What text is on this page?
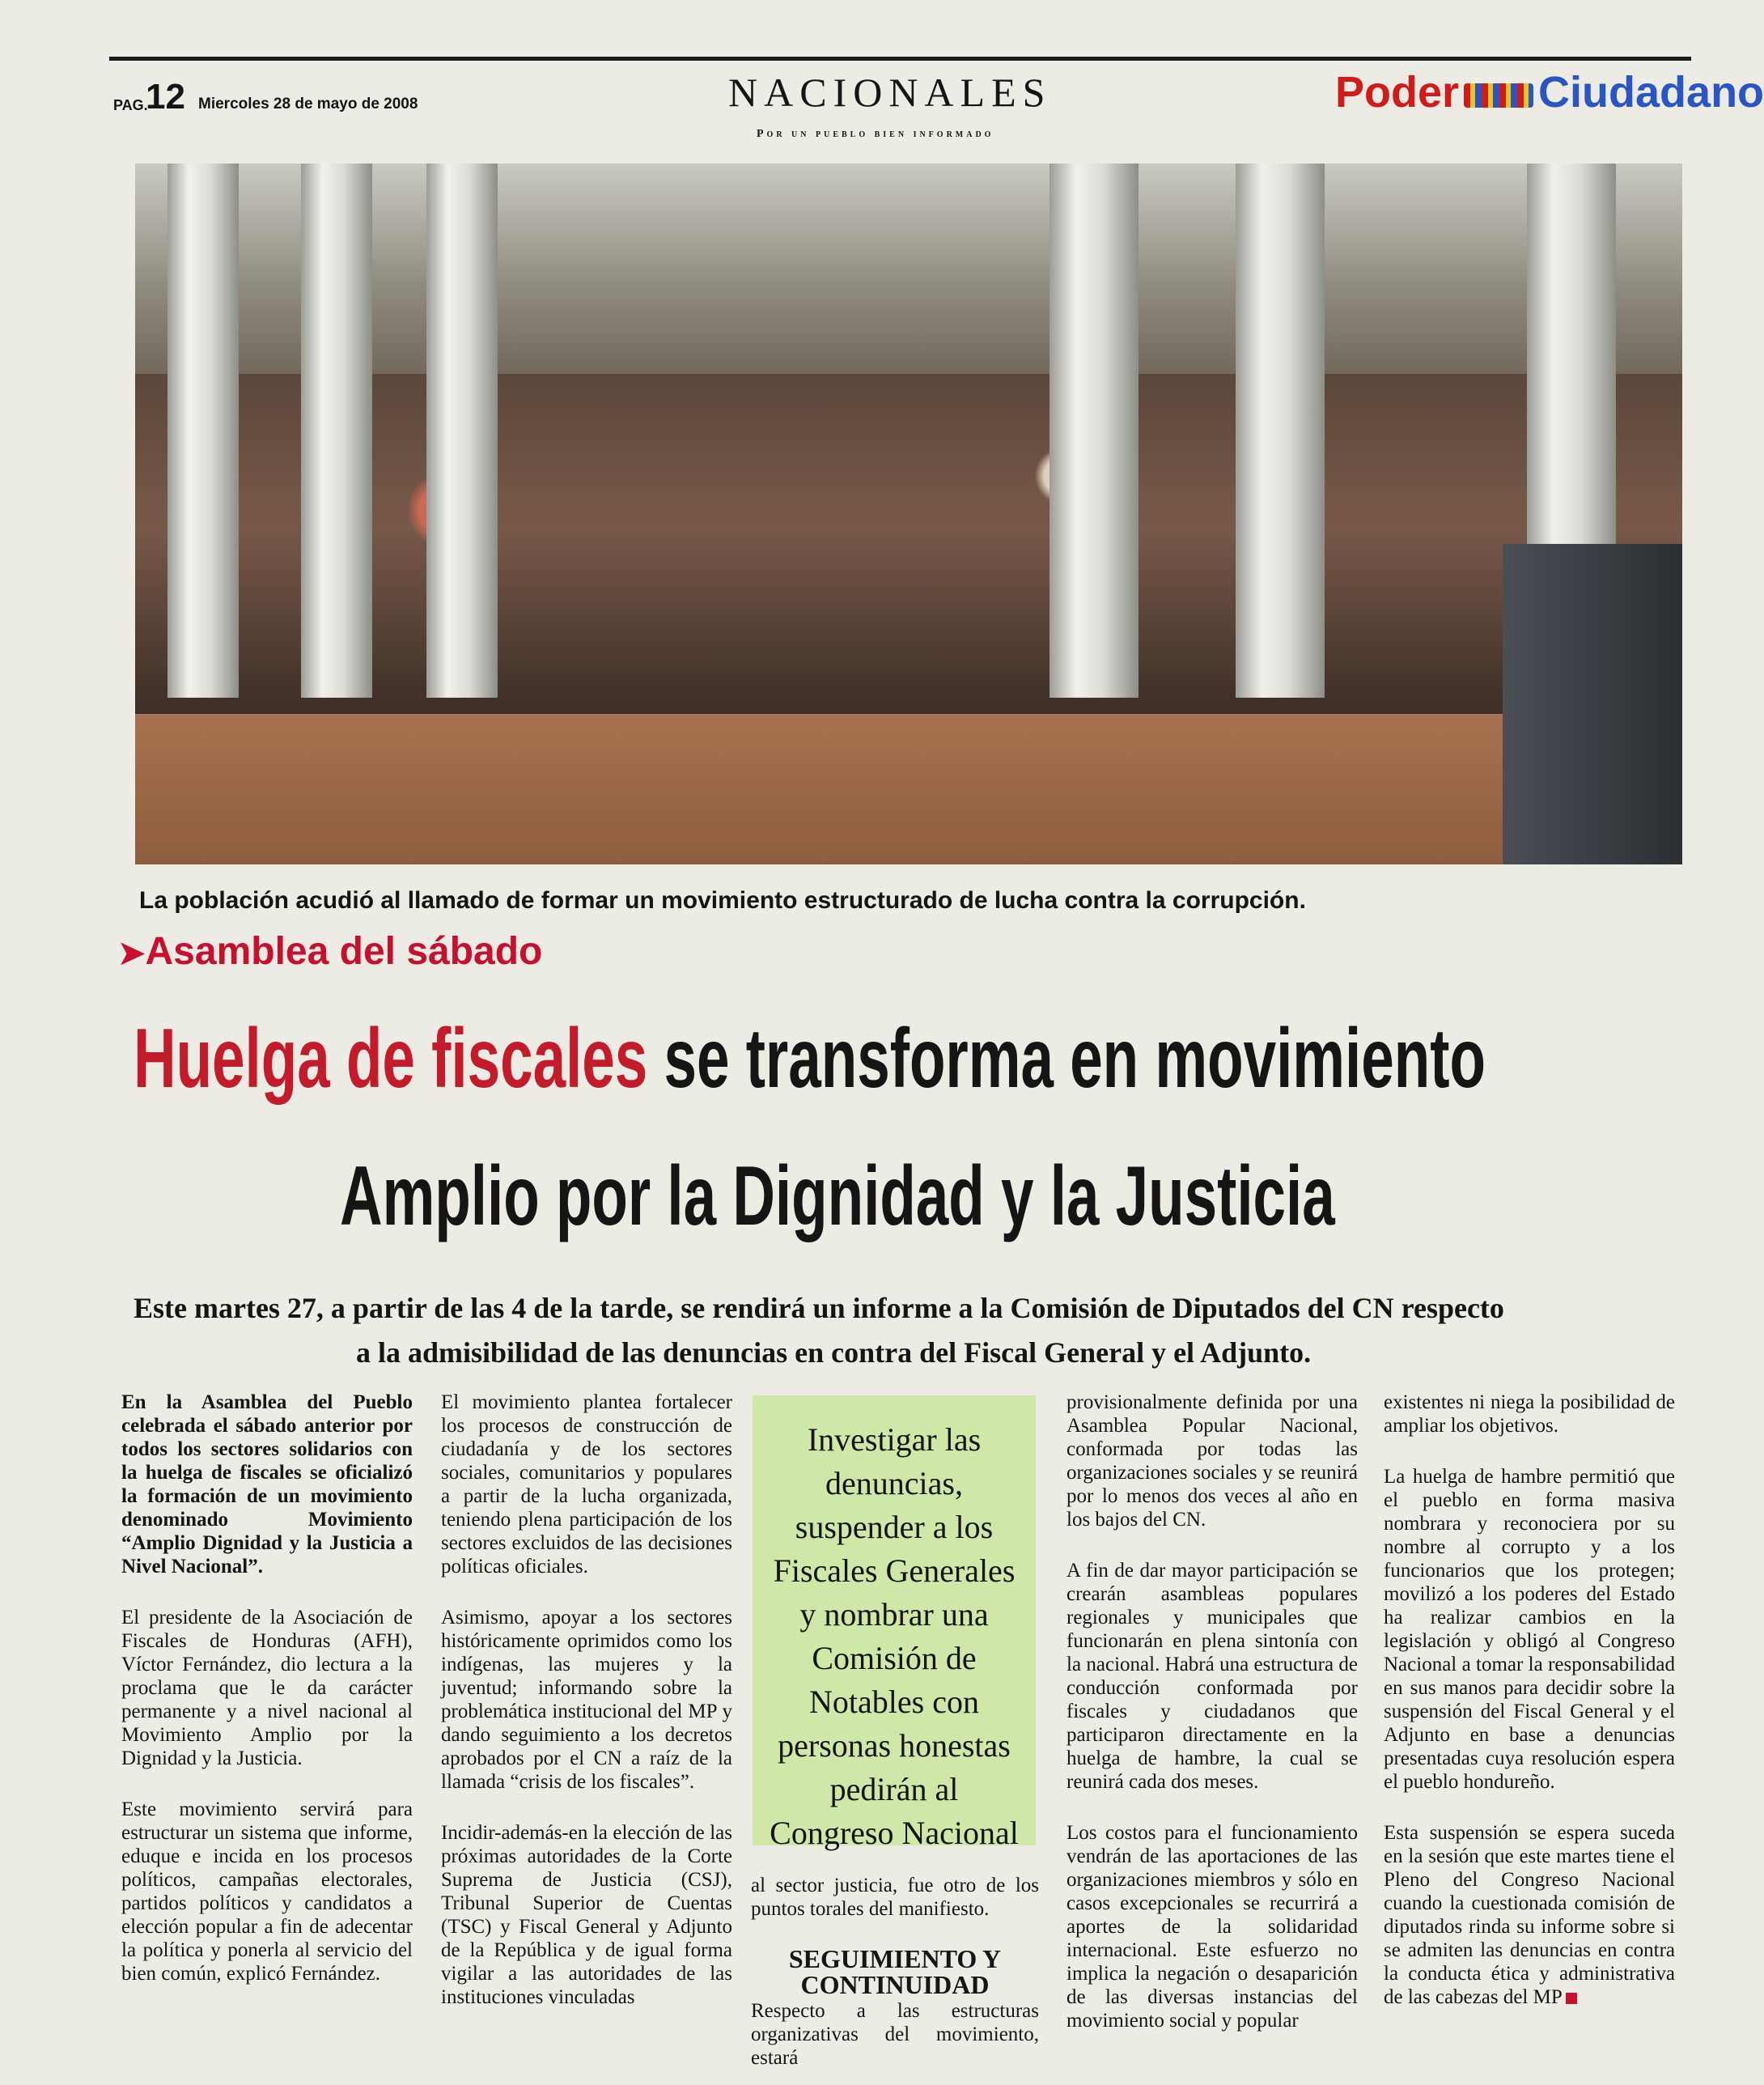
PAG.
12 Miercoles 28 de mayo de 2008	NACIONALES
Por un pueblo bien informado
Poder Ciudadano
La población acudió al llamado de formar un movimiento estructurado de lucha contra la corrupción.
➤Asamblea del sábado
Huelga de fiscales se transforma en movimiento
Amplio por la Dignidad y la Justicia
Este martes 27, a partir de las 4 de la tarde, se rendirá un informe a la Comisión de Diputados del CN respecto
a la admisibilidad de las denuncias en contra del Fiscal General y el Adjunto.

En la Asamblea del Pueblo celebrada el sábado anterior por todos los sectores solidarios con la huelga de fiscales se oficializó la formación de un movimiento denominado Movimiento “Amplio Dignidad y la Justicia a Nivel Nacional”.

El presidente de la Asociación de Fiscales de Honduras (AFH), Víctor Fernández, dio lectura a la proclama que le da carácter permanente y a nivel nacional al Movimiento Amplio por la Dignidad y la Justicia.

Este movimiento servirá para estructurar un sistema que informe, eduque e incida en los procesos políticos, campañas electorales, partidos políticos y candidatos a elección popular a fin de adecentar la política y ponerla al servicio del bien común, explicó Fernández.

El movimiento plantea fortalecer los procesos de construcción de ciudadanía y de los sectores sociales, comunitarios y populares a partir de la lucha organizada, teniendo plena participación de los sectores excluidos de las decisiones políticas oficiales.

Asimismo, apoyar a los sectores históricamente oprimidos como los indígenas, las mujeres y la juventud; informando sobre la problemática institucional del MP y dando seguimiento a los decretos aprobados por el CN a raíz de la llamada “crisis de los fiscales”.

Incidir-además-en la elección de las próximas autoridades de la Corte Suprema de Justicia (CSJ), Tribunal Superior de Cuentas (TSC) y Fiscal General y Adjunto de la República y de igual forma vigilar a las autoridades de las instituciones vinculadas

Investigar las denuncias, suspender a los Fiscales Generales y nombrar una Comisión de Notables con personas honestas pedirán al Congreso Nacional
al sector justicia, fue otro de los puntos torales del manifiesto.
SEGUIMIENTO Y CONTINUIDAD
Respecto a las estructuras organizativas del movimiento, estará

provisionalmente definida por una Asamblea Popular Nacional, conformada por todas las organizaciones sociales y se reunirá por lo menos dos veces al año en los bajos del CN.

A fin de dar mayor participación se crearán asambleas populares regionales y municipales que funcionarán en plena sintonía con la nacional. Habrá una estructura de conducción conformada por fiscales y ciudadanos que participaron directamente en la huelga de hambre, la cual se reunirá cada dos meses.

Los costos para el funcionamiento vendrán de las aportaciones de las organizaciones miembros y sólo en casos excepcionales se recurrirá a aportes de la solidaridad internacional. Este esfuerzo no implica la negación o desaparición de las diversas instancias del movimiento social y popular

existentes ni niega la posibilidad de ampliar los objetivos.

La huelga de hambre permitió que el pueblo en forma masiva nombrara y reconociera por su nombre al corrupto y a los funcionarios que los protegen; movilizó a los poderes del Estado ha realizar cambios en la legislación y obligó al Congreso Nacional a tomar la responsabilidad en sus manos para decidir sobre la suspensión del Fiscal General y el Adjunto en base a denuncias presentadas cuya resolución espera el pueblo hondureño.

Esta suspensión se espera suceda en la sesión que este martes tiene el Pleno del Congreso Nacional cuando la cuestionada comisión de diputados rinda su informe sobre si se admiten las denuncias en contra la conducta ética y administrativa de las cabezas del MP
